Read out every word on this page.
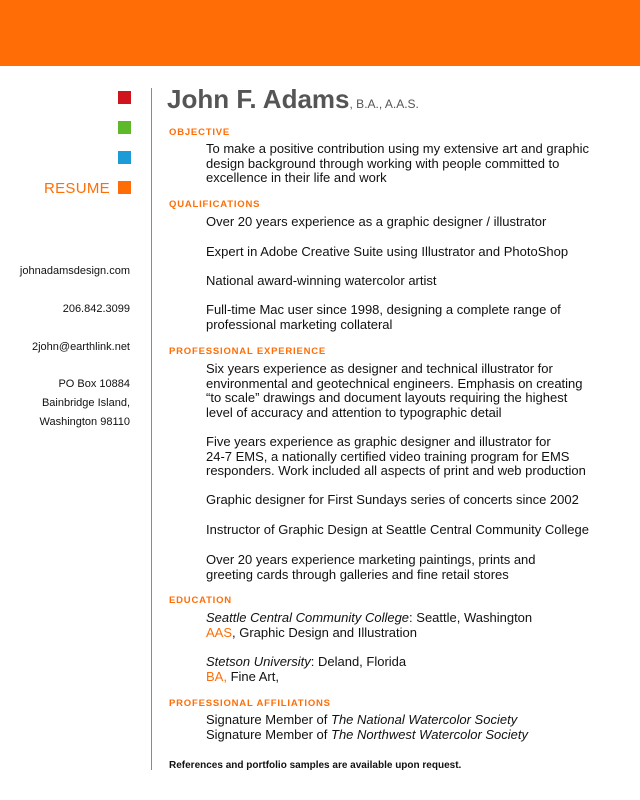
RESUME
johnadamsdesign.com
206.842.3099
2john@earthlink.net
PO Box 10884
Bainbridge Island,
Washington 98110
John F. Adams, B.A., A.A.S.
OBJECTIVE
To make a positive contribution using my extensive art and graphic
design background through working with people committed to
excellence in their life and work
QUALIFICATIONS
Over 20 years experience as a graphic designer / illustrator
Expert in Adobe Creative Suite using Illustrator and PhotoShop
National award-winning watercolor artist
Full-time Mac user since 1998, designing a complete range of
professional marketing collateral
PROFESSIONAL EXPERIENCE
Six years experience as designer and technical illustrator for
environmental and geotechnical engineers. Emphasis on creating
“to scale” drawings and document layouts requiring the highest
level of accuracy and attention to typographic detail
Five years experience as graphic designer and illustrator for
24-7 EMS, a nationally certified video training program for EMS
responders. Work included all aspects of print and web production
Graphic designer for First Sundays series of concerts since 2002
Instructor of Graphic Design at Seattle Central Community College
Over 20 years experience marketing paintings, prints and
greeting cards through galleries and fine retail stores
EDUCATION
Seattle Central Community College: Seattle, Washington
AAS, Graphic Design and Illustration
Stetson University: Deland, Florida
BA, Fine Art,
PROFESSIONAL AFFILIATIONS
Signature Member of The National Watercolor Society
Signature Member of The Northwest Watercolor Society
References and portfolio samples are available upon request.
